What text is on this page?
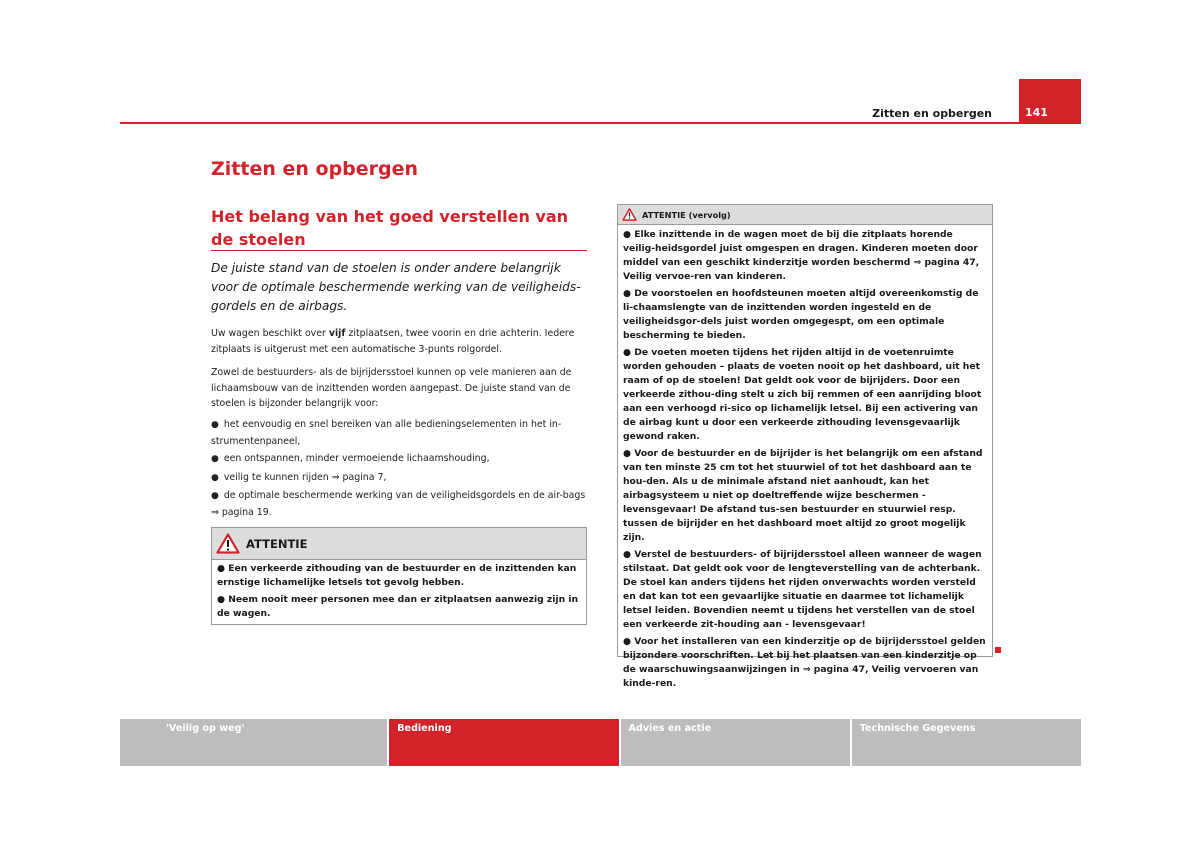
Zitten en opbergen	141
Zitten en opbergen
Het belang van het goed verstellen van de stoelen
De juiste stand van de stoelen is onder andere belangrijk voor de optimale beschermende werking van de veiligheids-gordels en de airbags.
Uw wagen beschikt over vijf zitplaatsen, twee voorin en drie achterin. Iedere zitplaats is uitgerust met een automatische 3-punts rolgordel.
Zowel de bestuurders- als de bijrijdersstoel kunnen op vele manieren aan de lichaamsbouw van de inzittenden worden aangepast. De juiste stand van de stoelen is bijzonder belangrijk voor:
● het eenvoudig en snel bereiken van alle bedieningselementen in het in-strumentenpaneel,
● een ontspannen, minder vermoeiende lichaamshouding,
● veilig te kunnen rijden ⇒ pagina 7,
● de optimale beschermende werking van de veiligheidsgordels en de air-bags ⇒ pagina 19.
ATTENTIE

● Een verkeerde zithouding van de bestuurder en de inzittenden kan ernstige lichamelijke letsels tot gevolg hebben.

● Neem nooit meer personen mee dan er zitplaatsen aanwezig zijn in de wagen.

ATTENTIE (vervolg)

● Elke inzittende in de wagen moet de bij die zitplaats horende veilig-heidsgordel juist omgespen en dragen. Kinderen moeten door middel van een geschikt kinderzitje worden beschermd ⇒ pagina 47, Veilig vervoe-ren van kinderen.

● De voorstoelen en hoofdsteunen moeten altijd overeenkomstig de li-chaamslengte van de inzittenden worden ingesteld en de veiligheidsgor-dels juist worden omgegespt, om een optimale bescherming te bieden.

● De voeten moeten tijdens het rijden altijd in de voetenruimte worden gehouden – plaats de voeten nooit op het dashboard, uit het raam of op de stoelen! Dat geldt ook voor de bijrijders. Door een verkeerde zithou-ding stelt u zich bij remmen of een aanrijding bloot aan een verhoogd ri-sico op lichamelijk letsel. Bij een activering van de airbag kunt u door een verkeerde zithouding levensgevaarlijk gewond raken.

● Voor de bestuurder en de bijrijder is het belangrijk om een afstand van ten minste 25 cm tot het stuurwiel of tot het dashboard aan te hou-den. Als u de minimale afstand niet aanhoudt, kan het airbagsysteem u niet op doeltreffende wijze beschermen - levensgevaar! De afstand tus-sen bestuurder en stuurwiel resp. tussen de bijrijder en het dashboard moet altijd zo groot mogelijk zijn.

● Verstel de bestuurders- of bijrijdersstoel alleen wanneer de wagen stilstaat. Dat geldt ook voor de lengteverstelling van de achterbank. De stoel kan anders tijdens het rijden onverwachts worden versteld en dat kan tot een gevaarlijke situatie en daarmee tot lichamelijk letsel leiden. Bovendien neemt u tijdens het verstellen van de stoel een verkeerde zit-houding aan - levensgevaar!

● Voor het installeren van een kinderzitje op de bijrijdersstoel gelden bijzondere voorschriften. Let bij het plaatsen van een kinderzitje op de waarschuwingsaanwijzingen in ⇒ pagina 47, Veilig vervoeren van kinde-ren.

'Veilig op weg'	Bediening	Advies en actie	Technische Gegevens
